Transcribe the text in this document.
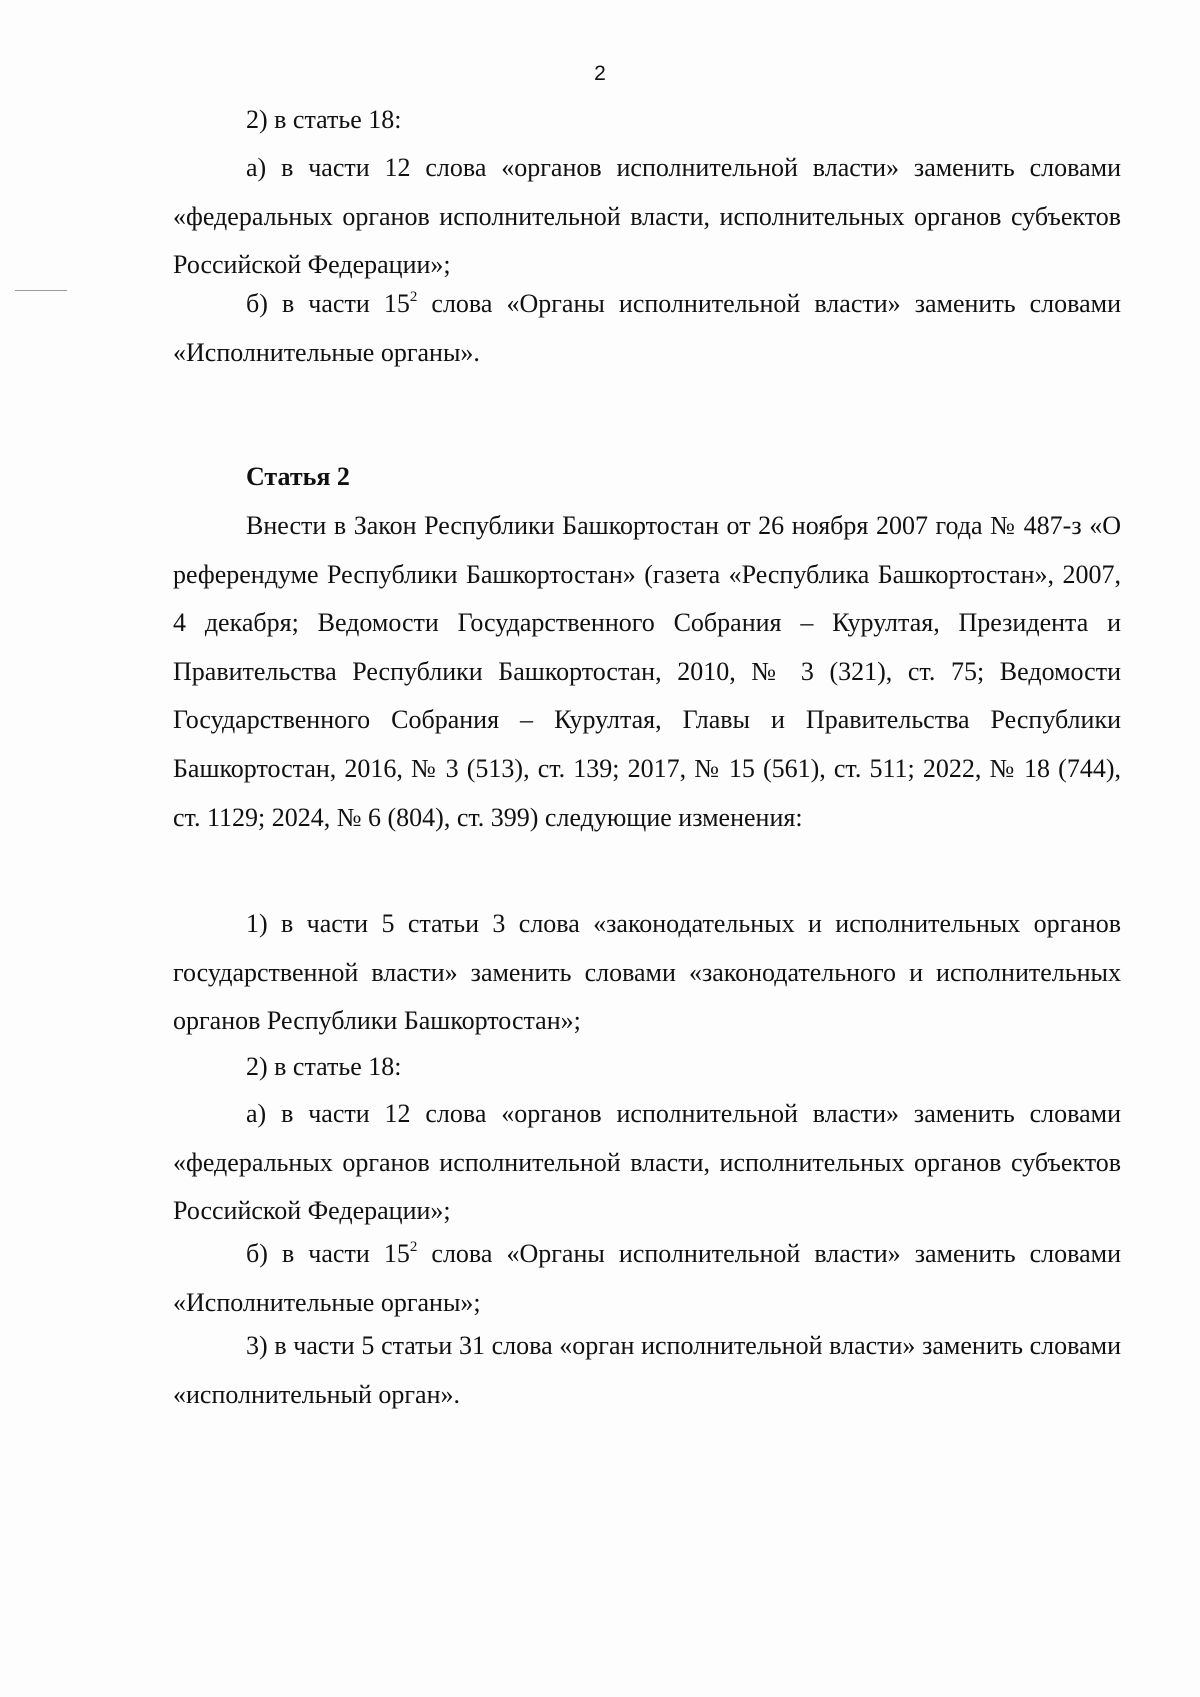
2

2) в статье 18:

а) в части 12 слова «органов исполнительной власти» заменить словами «федеральных органов исполнительной власти, исполнительных органов субъектов Российской Федерации»;

б) в части $15^2$ слова «Органы исполнительной власти» заменить словами «Исполнительные органы».

Статья 2

Внести в Закон Республики Башкортостан от 26 ноября 2007 года № 487-з «О референдуме Республики Башкортостан» (газета «Республика Башкортостан», 2007, 4 декабря; Ведомости Государственного Собрания – Курултая, Президента и Правительства Республики Башкортостан, 2010, № 3 (321), ст. 75; Ведомости Государственного Собрания – Курултая, Главы и Правительства Республики Башкортостан, 2016, № 3 (513), ст. 139; 2017, № 15 (561), ст. 511; 2022, № 18 (744), ст. 1129; 2024, № 6 (804), ст. 399) следующие изменения:

1) в части 5 статьи 3 слова «законодательных и исполнительных органов государственной власти» заменить словами «законодательного и исполнительных органов Республики Башкортостан»;

2) в статье 18:

а) в части 12 слова «органов исполнительной власти» заменить словами «федеральных органов исполнительной власти, исполнительных органов субъектов Российской Федерации»;

б) в части $15^2$ слова «Органы исполнительной власти» заменить словами «Исполнительные органы»;

3) в части 5 статьи 31 слова «орган исполнительной власти» заменить словами «исполнительный орган».
